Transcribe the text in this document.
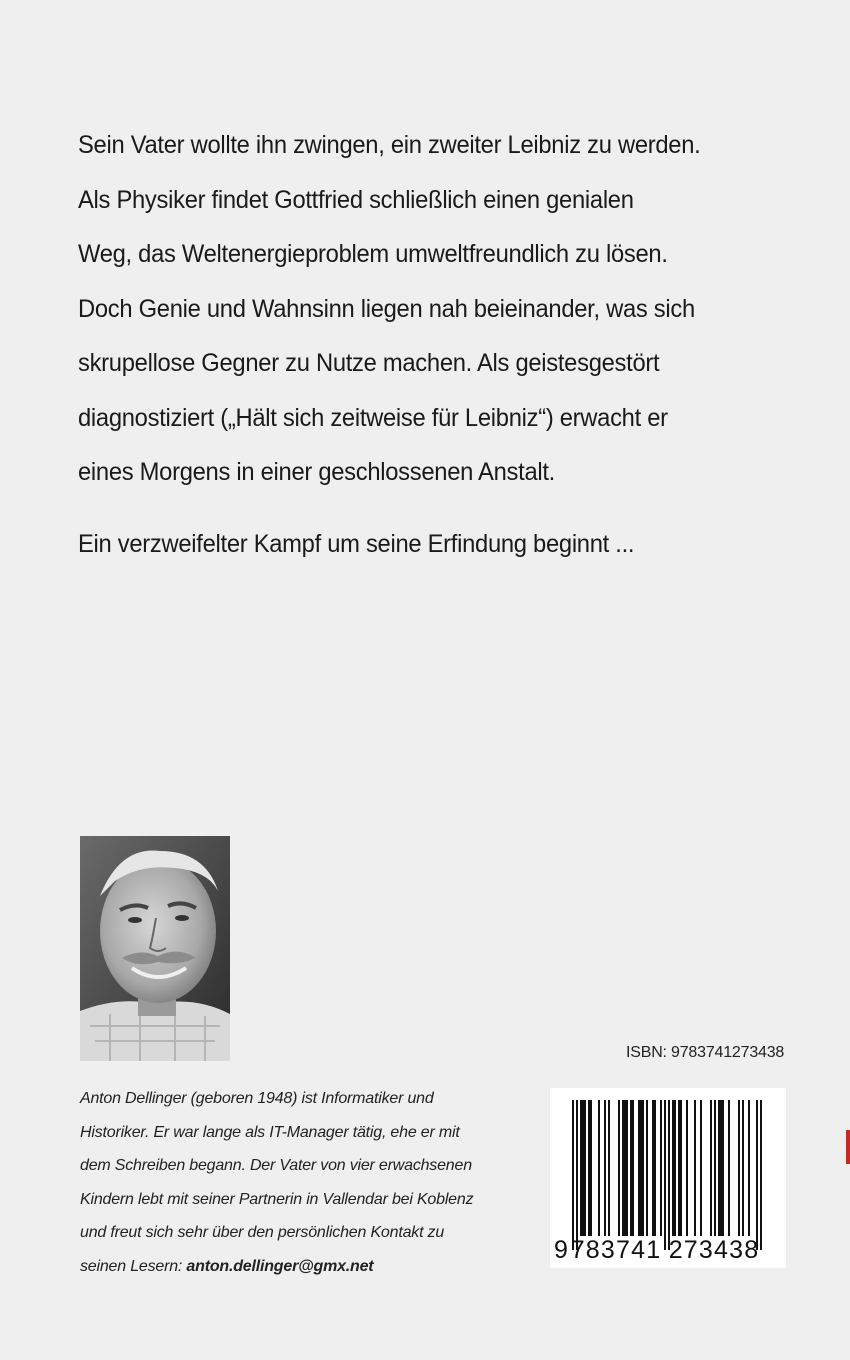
Sein Vater wollte ihn zwingen, ein zweiter Leibniz zu werden.

Als Physiker findet Gottfried schließlich einen genialen

Weg, das Weltenergieproblem umweltfreundlich zu lösen.

Doch Genie und Wahnsinn liegen nah beieinander, was sich

skrupellose Gegner zu Nutze machen. Als geistesgestört

diagnostiziert („Hält sich zeitweise für Leibniz“) erwacht er

eines Morgens in einer geschlossenen Anstalt.

Ein verzweifelter Kampf um seine Erfindung beginnt ...

Anton Dellinger (geboren 1948) ist Informatiker und

Historiker. Er war lange als IT-Manager tätig, ehe er mit

dem Schreiben begann. Der Vater von vier erwachsenen

Kindern lebt mit seiner Partnerin in Vallendar bei Koblenz

und freut sich sehr über den persönlichen Kontakt zu

seinen Lesern: anton.dellinger@gmx.net

ISBN: 9783741273438
9 783741 273438
